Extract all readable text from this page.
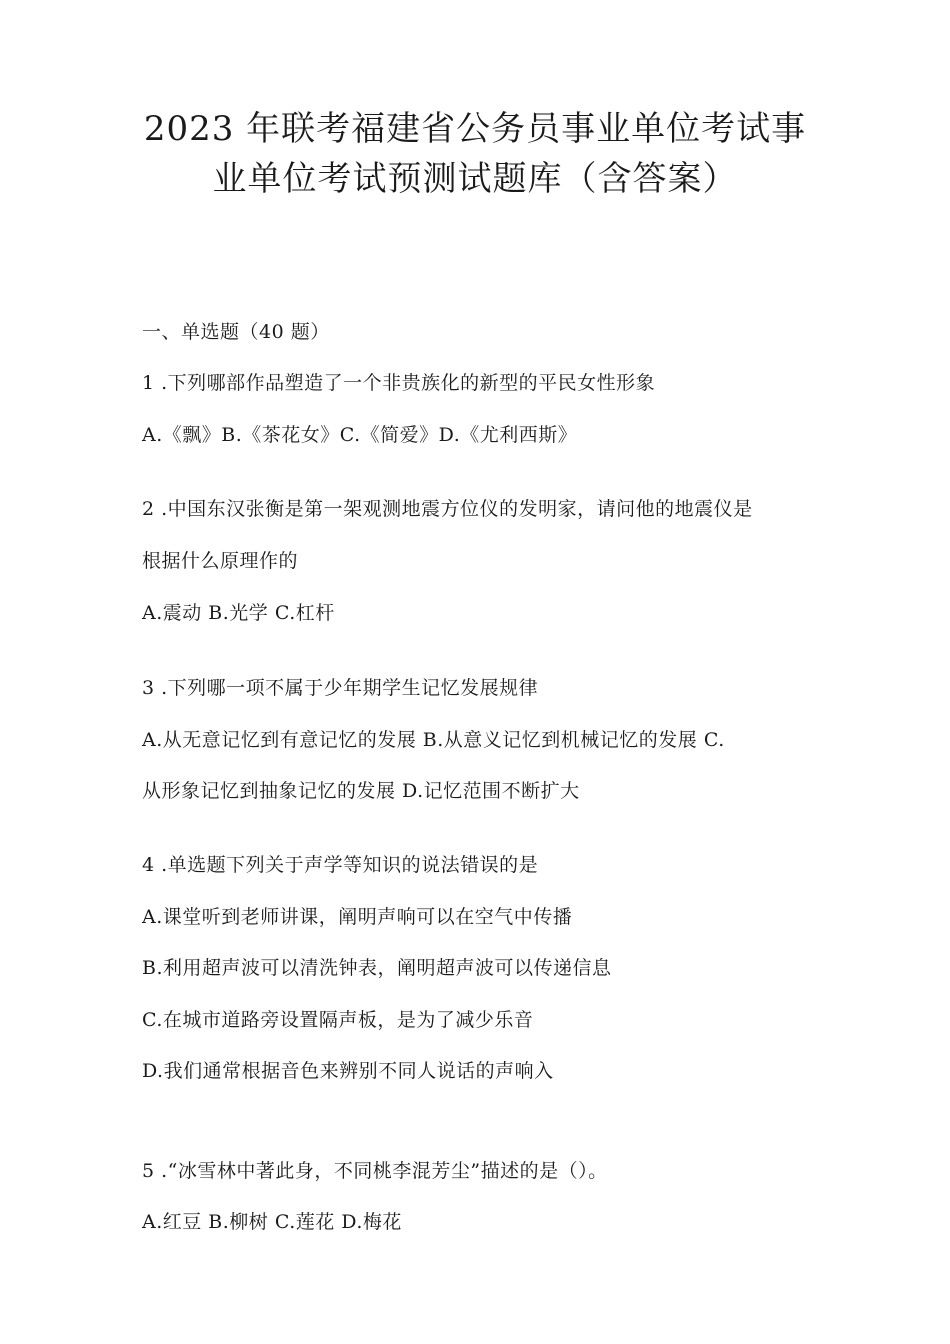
2023 年联考福建省公务员事业单位考试事
业单位考试预测试题库（含答案）
一、单选题（40 题）
1 .下列哪部作品塑造了一个非贵族化的新型的平民女性形象
A.《飘》B.《茶花女》C.《简爱》D.《尤利西斯》
2 .中国东汉张衡是第一架观测地震方位仪的发明家，请问他的地震仪是
根据什么原理作的
A.震动 B.光学 C.杠杆
3 .下列哪一项不属于少年期学生记忆发展规律
A.从无意记忆到有意记忆的发展 B.从意义记忆到机械记忆的发展 C.
从形象记忆到抽象记忆的发展 D.记忆范围不断扩大
4 .单选题下列关于声学等知识的说法错误的是
A.课堂听到老师讲课，阐明声响可以在空气中传播
B.利用超声波可以清洗钟表，阐明超声波可以传递信息
C.在城市道路旁设置隔声板，是为了减少乐音
D.我们通常根据音色来辨别不同人说话的声响入
5 .“冰雪林中著此身，不同桃李混芳尘”描述的是（）。
A.红豆 B.柳树 C.莲花 D.梅花
